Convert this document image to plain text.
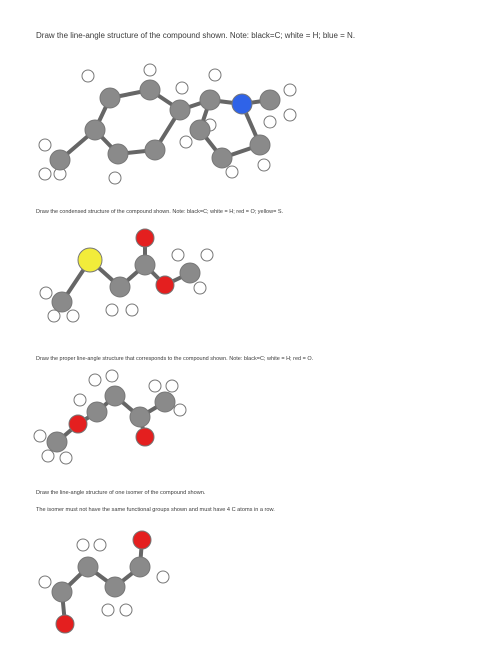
Draw the line-angle structure of the compound shown. Note: black=C; white = H; blue = N.

Draw the condensed structure of the compound shown. Note: black=C; white = H; red = O; yellow= S.

Draw the proper line-angle structure that corresponds to the compound shown. Note: black=C; white = H; red = O.

Draw the line-angle structure of one isomer of the compound shown.

The isomer must not have the same functional groups shown and must have 4 C atoms in a row.
